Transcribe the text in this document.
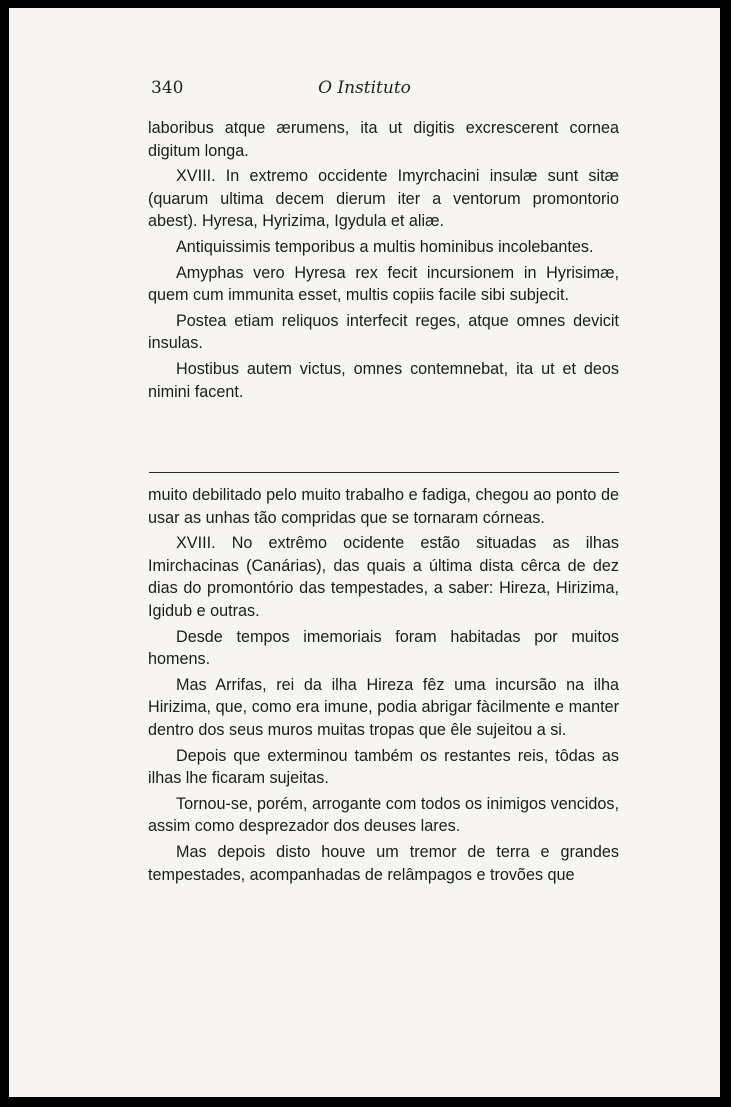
340	O Instituto

laboribus atque ærumens, ita ut digitis excrescerent cornea digitum longa.

XVIII. In extremo occidente Imyrchacini insulæ sunt sitæ (quarum ultima decem dierum iter a ventorum promontorio abest). Hyresa, Hyrizima, Igydula et aliæ.

Antiquissimis temporibus a multis hominibus incolebantes.

Amyphas vero Hyresa rex fecit incursionem in Hyrisimæ, quem cum immunita esset, multis copiis facile sibi subjecit.

Postea etiam reliquos interfecit reges, atque omnes devicit insulas.

Hostibus autem victus, omnes contemnebat, ita ut et deos nimini facent.

muito debilitado pelo muito trabalho e fadiga, chegou ao ponto de usar as unhas tão compridas que se tornaram córneas.

XVIII. No extrêmo ocidente estão situadas as ilhas Imirchacinas (Canárias), das quais a última dista cêrca de dez dias do promontório das tempestades, a saber: Hireza, Hirizima, Igidub e outras.

Desde tempos imemoriais foram habitadas por muitos homens.

Mas Arrifas, rei da ilha Hireza fêz uma incursão na ilha Hirizima, que, como era imune, podia abrigar fàcilmente e manter dentro dos seus muros muitas tropas que êle sujeitou a si.

Depois que exterminou também os restantes reis, tôdas as ilhas lhe ficaram sujeitas.

Tornou-se, porém, arrogante com todos os inimigos vencidos, assim como desprezador dos deuses lares.

Mas depois disto houve um tremor de terra e grandes tempestades, acompanhadas de relâmpagos e trovões que
